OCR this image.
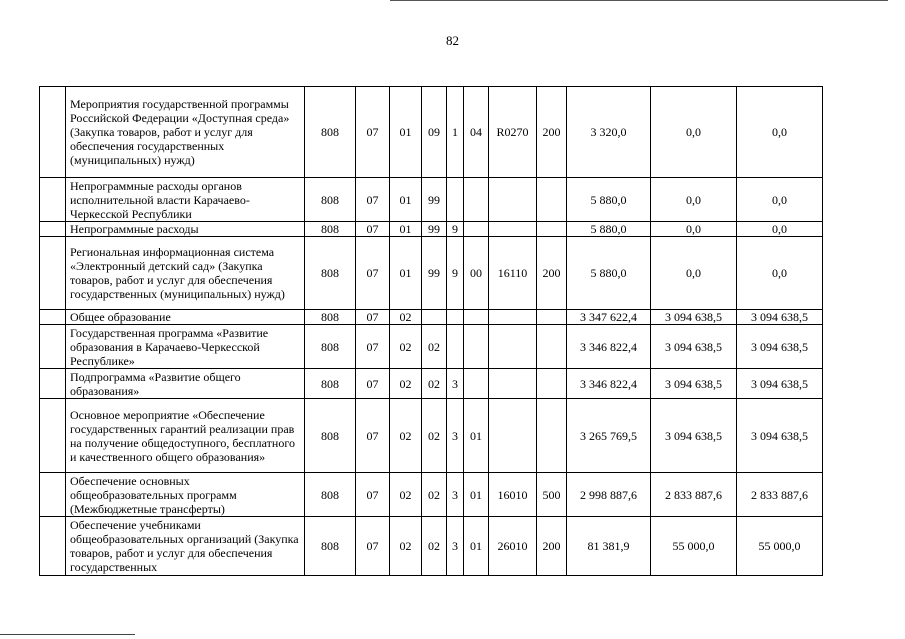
82
	Мероприятия государственной программы Российской Федерации «Доступная среда» (Закупка товаров, работ и услуг для обеспечения государственных (муниципальных) нужд)	808	07	01	09	1	04	R0270	200	3 320,0	0,0	0,0
	Непрограммные расходы органов исполнительной власти Карачаево-Черкесской Республики	808	07	01	99					5 880,0	0,0	0,0
	Непрограммные расходы	808	07	01	99	9				5 880,0	0,0	0,0
	Региональная информационная система «Электронный детский сад» (Закупка товаров, работ и услуг для обеспечения государственных (муниципальных) нужд)	808	07	01	99	9	00	16110	200	5 880,0	0,0	0,0
	Общее образование	808	07	02						3 347 622,4	3 094 638,5	3 094 638,5
	Государственная программа «Развитие образования в Карачаево-Черкесской Республике»	808	07	02	02					3 346 822,4	3 094 638,5	3 094 638,5
	Подпрограмма «Развитие общего образования»	808	07	02	02	3				3 346 822,4	3 094 638,5	3 094 638,5
	Основное мероприятие «Обеспечение государственных гарантий реализации прав на получение общедоступного, бесплатного и качественного общего образования»	808	07	02	02	3	01			3 265 769,5	3 094 638,5	3 094 638,5
	Обеспечение основных общеобразовательных программ (Межбюджетные трансферты)	808	07	02	02	3	01	16010	500	2 998 887,6	2 833 887,6	2 833 887,6
	Обеспечение учебниками общеобразовательных организаций (Закупка товаров, работ и услуг для обеспечения государственных	808	07	02	02	3	01	26010	200	81 381,9	55 000,0	55 000,0
